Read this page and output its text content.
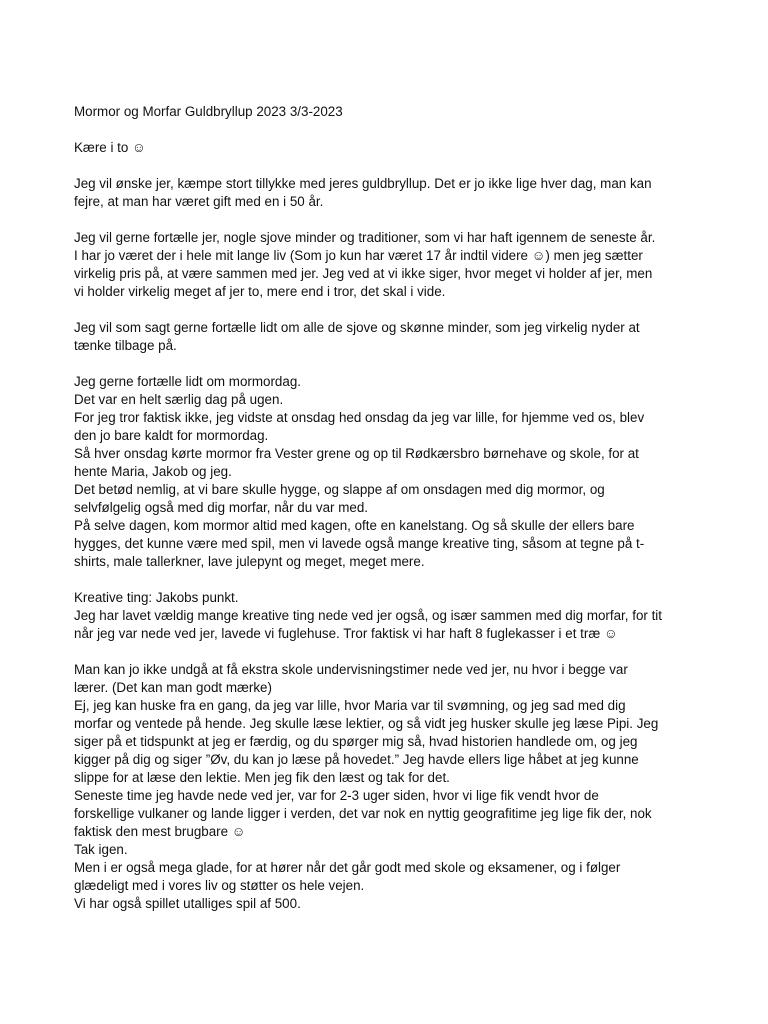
Mormor og Morfar Guldbryllup 2023 3/3-2023

Kære i to ☺

Jeg vil ønske jer, kæmpe stort tillykke med jeres guldbryllup. Det er jo ikke lige hver dag, man kan
fejre, at man har været gift med en i 50 år.

Jeg vil gerne fortælle jer, nogle sjove minder og traditioner, som vi har haft igennem de seneste år.
I har jo været der i hele mit lange liv (Som jo kun har været 17 år indtil videre ☺) men jeg sætter
virkelig pris på, at være sammen med jer. Jeg ved at vi ikke siger, hvor meget vi holder af jer, men
vi holder virkelig meget af jer to, mere end i tror, det skal i vide.

Jeg vil som sagt gerne fortælle lidt om alle de sjove og skønne minder, som jeg virkelig nyder at
tænke tilbage på.

Jeg gerne fortælle lidt om mormordag.
Det var en helt særlig dag på ugen.
For jeg tror faktisk ikke, jeg vidste at onsdag hed onsdag da jeg var lille, for hjemme ved os, blev
den jo bare kaldt for mormordag.
Så hver onsdag kørte mormor fra Vester grene og op til Rødkærsbro børnehave og skole, for at
hente Maria, Jakob og jeg.
Det betød nemlig, at vi bare skulle hygge, og slappe af om onsdagen med dig mormor, og
selvfølgelig også med dig morfar, når du var med.
På selve dagen, kom mormor altid med kagen, ofte en kanelstang. Og så skulle der ellers bare
hygges, det kunne være med spil, men vi lavede også mange kreative ting, såsom at tegne på t-
shirts, male tallerkner, lave julepynt og meget, meget mere.

Kreative ting: Jakobs punkt.
Jeg har lavet vældig mange kreative ting nede ved jer også, og især sammen med dig morfar, for tit
når jeg var nede ved jer, lavede vi fuglehuse. Tror faktisk vi har haft 8 fuglekasser i et træ ☺

Man kan jo ikke undgå at få ekstra skole undervisningstimer nede ved jer, nu hvor i begge var
lærer. (Det kan man godt mærke)
Ej, jeg kan huske fra en gang, da jeg var lille, hvor Maria var til svømning, og jeg sad med dig
morfar og ventede på hende. Jeg skulle læse lektier, og så vidt jeg husker skulle jeg læse Pipi. Jeg
siger på et tidspunkt at jeg er færdig, og du spørger mig så, hvad historien handlede om, og jeg
kigger på dig og siger ”Øv, du kan jo læse på hovedet.” Jeg havde ellers lige håbet at jeg kunne
slippe for at læse den lektie. Men jeg fik den læst og tak for det.
Seneste time jeg havde nede ved jer, var for 2-3 uger siden, hvor vi lige fik vendt hvor de
forskellige vulkaner og lande ligger i verden, det var nok en nyttig geografitime jeg lige fik der, nok
faktisk den mest brugbare ☺
Tak igen.
Men i er også mega glade, for at hører når det går godt med skole og eksamener, og i følger
glædeligt med i vores liv og støtter os hele vejen.
Vi har også spillet utalliges spil af 500.
